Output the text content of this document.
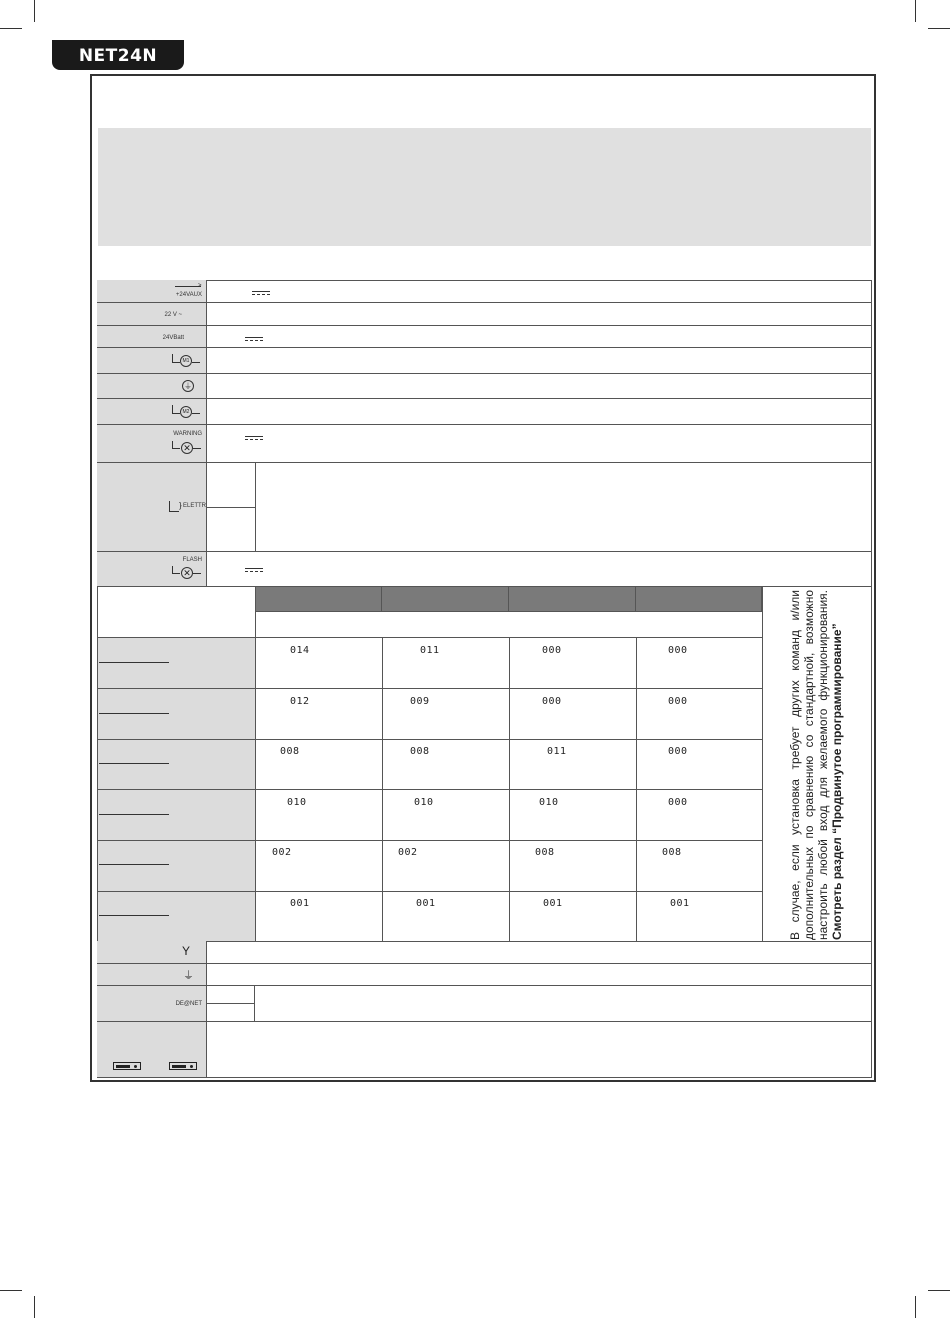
NET24N
>
+24VAUX
22 V ~
24VBatt
M1
⏚
M2
WARNING
✕
} ELETTR
FLASH
✕
014	011	000	000
012	009	000	000
008	008	011	000
010	010	010	000
002	002	008	008
001	001	001	001	В случае, если установка требует других команд и/или дополнительных по сравнению со стандартной, возможно настроить любой вход для желаемого функционирования. Смотреть раздел “Продвинутое программирование”
Y
⏚
DE@NET
